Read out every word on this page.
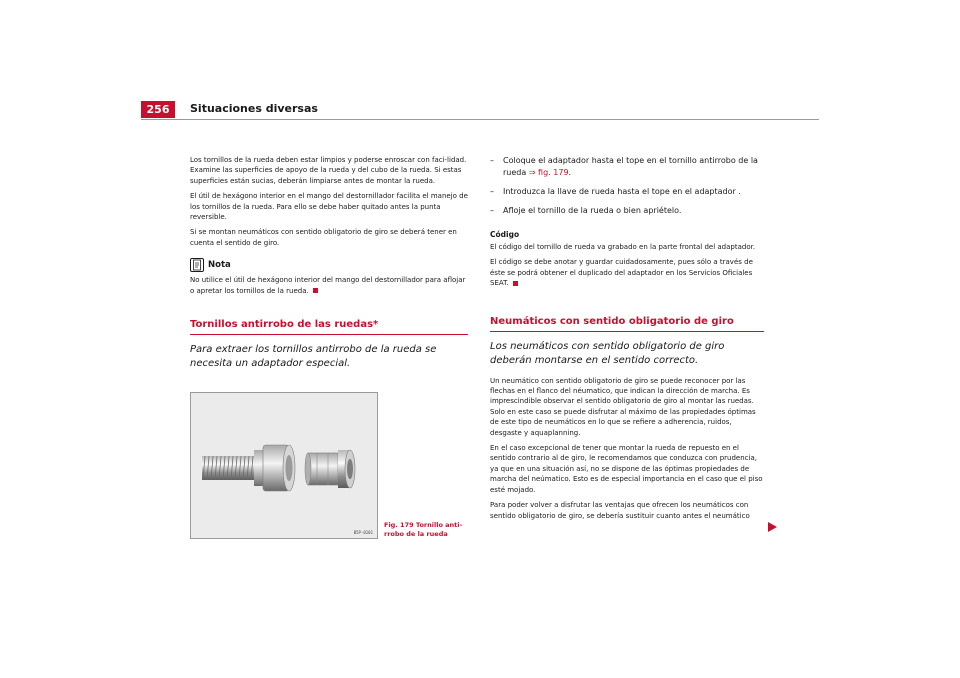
256	Situaciones diversas

Los tornillos de la rueda deben estar limpios y poderse enroscar con faci-lidad. Examine las superficies de apoyo de la rueda y del cubo de la rueda. Si estas superficies están sucias, deberán limpiarse antes de montar la rueda.

El útil de hexágono interior en el mango del destornillador facilita el manejo de los tornillos de la rueda. Para ello se debe haber quitado antes la punta reversible.

Si se montan neumáticos con sentido obligatorio de giro se deberá tener en cuenta el sentido de giro.

Nota

No utilice el útil de hexágono interior del mango del destornillador para aflojar o apretar los tornillos de la rueda.

Tornillos antirrobo de las ruedas*

Para extraer los tornillos antirrobo de la rueda se necesita un adaptador especial.

B5P-0101
Fig. 179 Tornillo anti-rrobo de la rueda
–	Coloque el adaptador hasta el tope en el tornillo antirrobo de la rueda ⇒ fig. 179.
–	Introduzca la llave de rueda hasta el tope en el adaptador .
–	Afloje el tornillo de la rueda o bien apriételo.
Código

El código del tornillo de rueda va grabado en la parte frontal del adaptador.

El código se debe anotar y guardar cuidadosamente, pues sólo a través de éste se podrá obtener el duplicado del adaptador en los Servicios Oficiales SEAT.

Neumáticos con sentido obligatorio de giro

Los neumáticos con sentido obligatorio de giro deberán montarse en el sentido correcto.

Un neumático con sentido obligatorio de giro se puede reconocer por las flechas en el flanco del néumatico, que indican la dirección de marcha. Es imprescindible observar el sentido obligatorio de giro al montar las ruedas. Solo en este caso se puede disfrutar al máximo de las propiedades óptimas de este tipo de neumáticos en lo que se refiere a adherencia, ruidos, desgaste y aquaplanning.

En el caso excepcional de tener que montar la rueda de repuesto en el sentido contrario al de giro, le recomendamos que conduzca con prudencia, ya que en una situación así, no se dispone de las óptimas propiedades de marcha del neúmatico. Esto es de especial importancia en el caso que el piso esté mojado.

Para poder volver a disfrutar las ventajas que ofrecen los neumáticos con sentido obligatorio de giro, se debería sustituir cuanto antes el neumático
